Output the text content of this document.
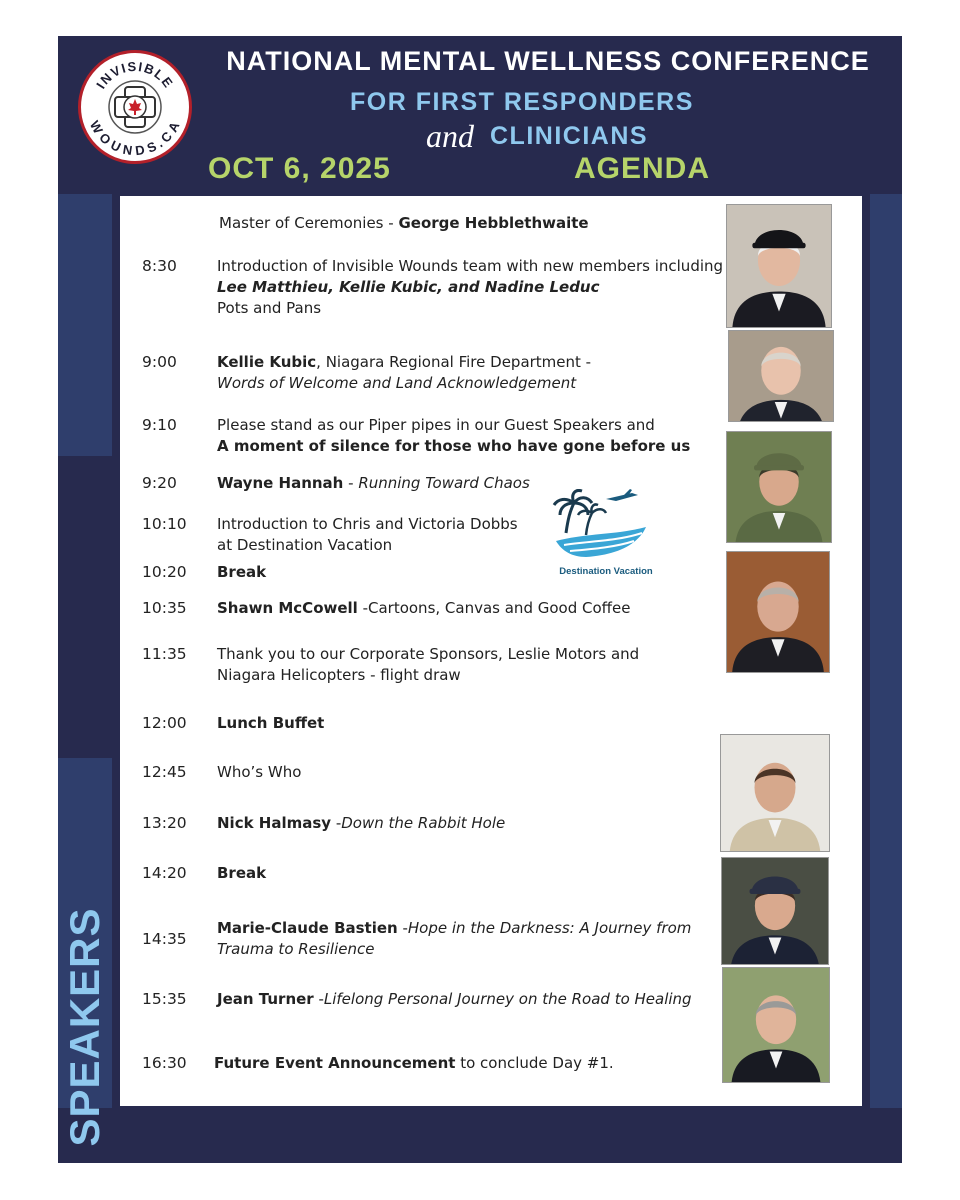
INVISIBLE
WOUNDS.CA
NATIONAL MENTAL WELLNESS CONFERENCE
FOR FIRST RESPONDERS
and CLINICIANS
OCT 6, 2025	AGENDA
SPEAKERS
Destination Vacation
Master of Ceremonies - George Hebblethwaite
8:30	Introduction of Invisible Wounds team with new members including Lee Matthieu, Kellie Kubic, and Nadine Leduc
Pots and Pans
9:00	Kellie Kubic, Niagara Regional Fire Department -
Words of Welcome and Land Acknowledgement
9:10	Please stand as our Piper pipes in our Guest Speakers and
A moment of silence for those who have gone before us
9:20	Wayne Hannah - Running Toward Chaos
10:10	Introduction to Chris and Victoria Dobbs
at Destination Vacation
10:20	Break
10:35	Shawn McCowell -Cartoons, Canvas and Good Coffee
11:35	Thank you to our Corporate Sponsors, Leslie Motors and
Niagara Helicopters - flight draw
12:00	Lunch Buffet
12:45	Who’s Who
13:20	Nick Halmasy -Down the Rabbit Hole
14:20	Break
14:35
Marie-Claude Bastien -Hope in the Darkness: A Journey from
Trauma to Resilience
15:35	Jean Turner -Lifelong Personal Journey on the Road to Healing
16:30	Future Event Announcement to conclude Day #1.
